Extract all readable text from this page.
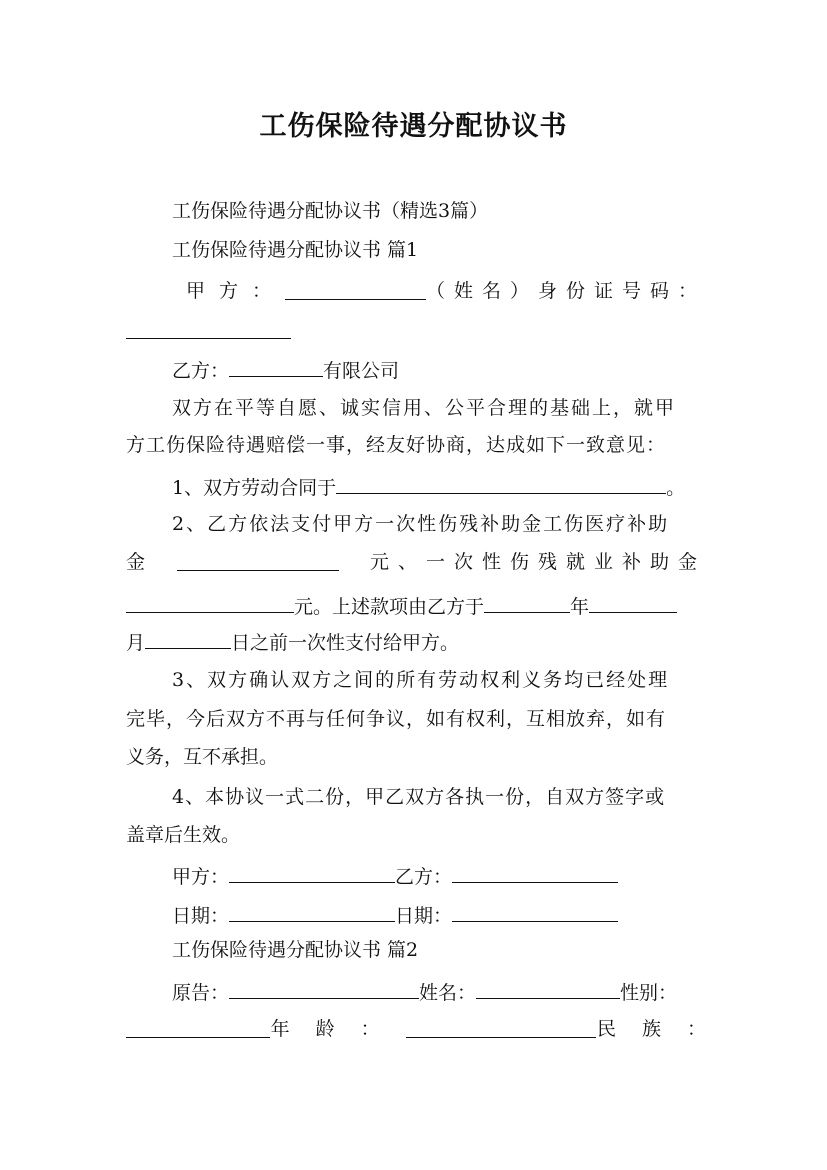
工伤保险待遇分配协议书
工伤保险待遇分配协议书（精选3篇）
工伤保险待遇分配协议书 篇1
甲方：	（姓名）身份证号码：
乙方：	有限公司
双方在平等自愿、诚实信用、公平合理的基础上，就甲
方工伤保险待遇赔偿一事，经友好协商，达成如下一致意见：
1、双方劳动合同于	。
2、乙方依法支付甲方一次性伤残补助金工伤医疗补助
金	元、一次性伤残就业补助金
元。上述款项由乙方于	年
月	日之前一次性支付给甲方。
3、双方确认双方之间的所有劳动权利义务均已经处理
完毕，今后双方不再与任何争议，如有权利，互相放弃，如有
义务，互不承担。
4、本协议一式二份，甲乙双方各执一份，自双方签字或
盖章后生效。
甲方：	乙方：
日期：	日期：
工伤保险待遇分配协议书 篇2
原告：	姓名：	性别：
年龄：	民族：
